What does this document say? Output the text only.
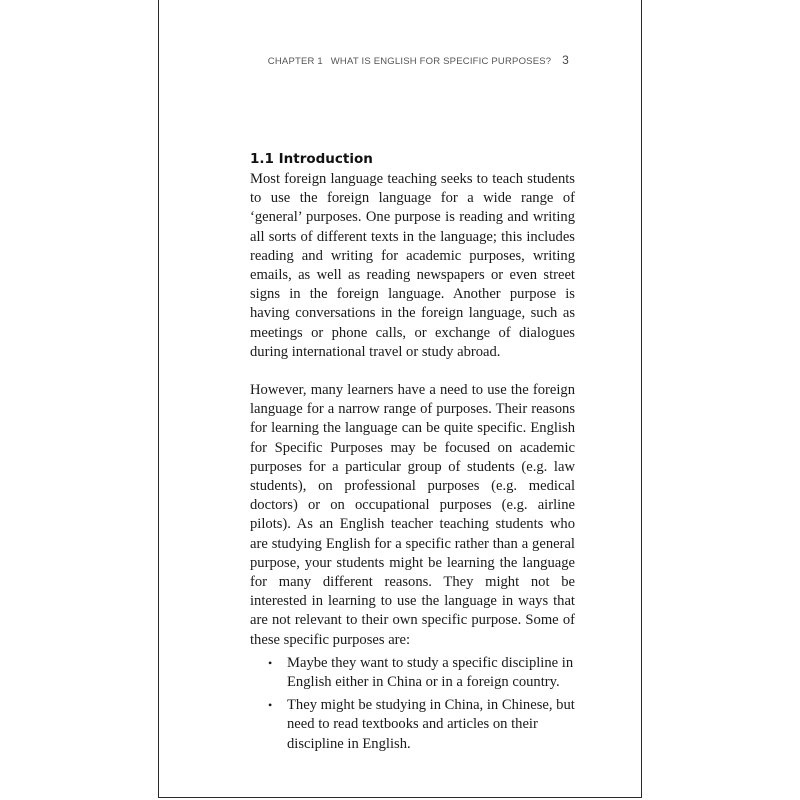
CHAPTER 1 WHAT IS ENGLISH FOR SPECIFIC PURPOSES? 3
1.1 Introduction

Most foreign language teaching seeks to teach students to use the foreign language for a wide range of ‘general’ purposes. One purpose is reading and writing all sorts of different texts in the language; this includes reading and writing for academic purposes, writing emails, as well as reading newspapers or even street signs in the foreign language. Another purpose is having conversations in the foreign language, such as meetings or phone calls, or exchange of dialogues during international travel or study abroad.

However, many learners have a need to use the foreign language for a narrow range of purposes. Their reasons for learning the language can be quite specific. English for Specific Purposes may be focused on academic purposes for a particular group of students (e.g. law students), on professional purposes (e.g. medical doctors) or on occupational purposes (e.g. airline pilots). As an English teacher teaching students who are studying English for a specific rather than a general purpose, your students might be learning the language for many different reasons. They might not be interested in learning to use the language in ways that are not relevant to their own specific purpose. Some of these specific purposes are:

• Maybe they want to study a specific discipline in English either in China or in a foreign country.
• They might be studying in China, in Chinese, but need to read textbooks and articles on their discipline in English.
